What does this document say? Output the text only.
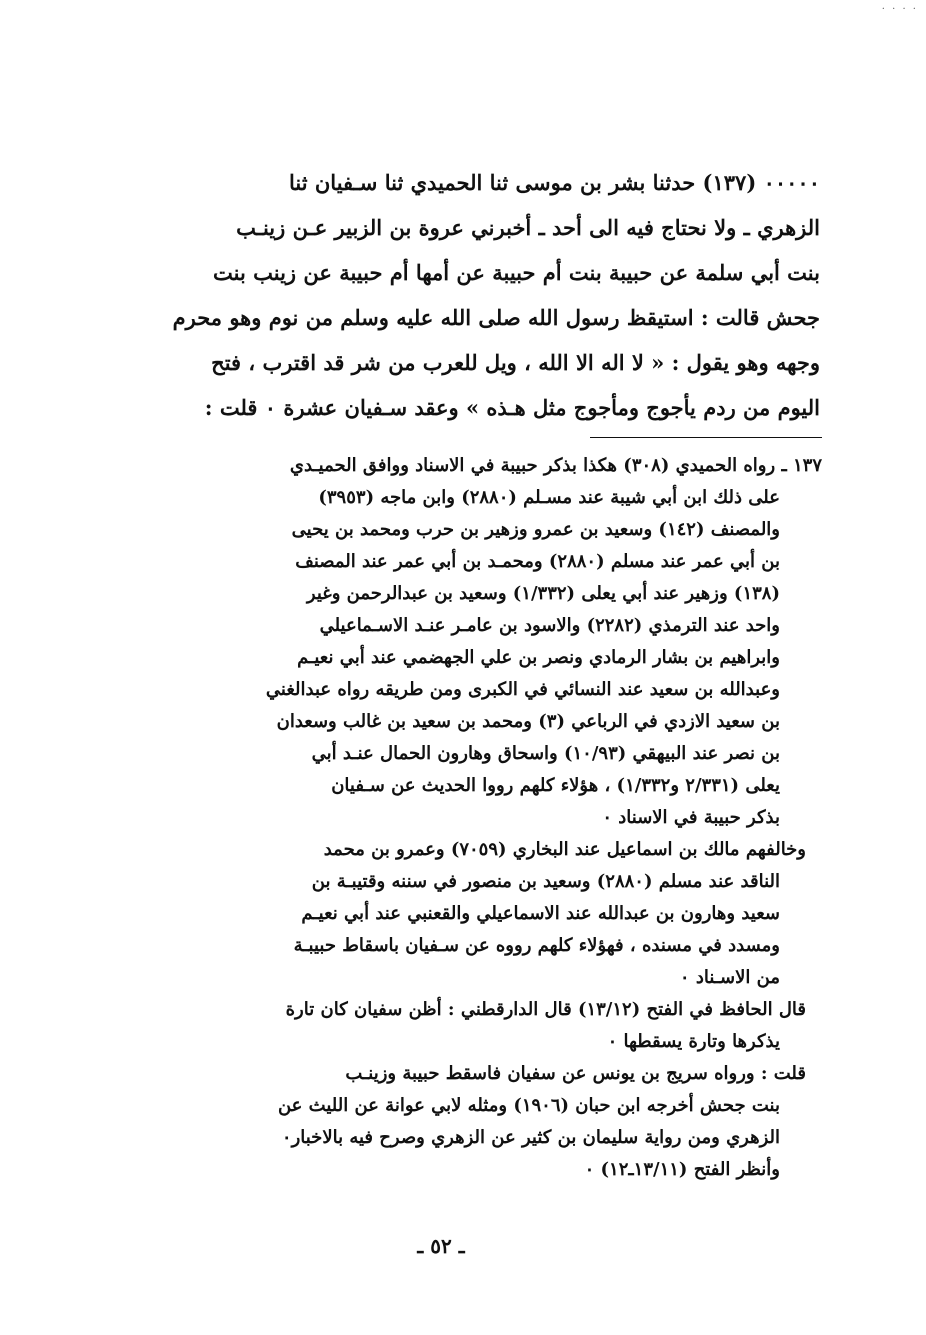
· · · ·
٠٠٠٠٠ (١٣٧) حدثنا بشر بن موسى ثنا الحميدي ثنا سـفيان ثنا
الزهري ـ ولا نحتاج فيه الى أحد ـ أخبرني عروة بن الزبير عـن زينـب
بنت أبي سلمة عن حبيبة بنت أم حبيبة عن أمها أم حبيبة عن زينب بنت
جحش قالت : استيقظ رسول الله صلى الله عليه وسلم من نوم وهو محرم
وجهه وهو يقول : « لا اله الا الله ، ويل للعرب من شر قد اقترب ، فتح
اليوم من ردم يأجوج ومأجوج مثل هـذه » وعقد سـفيان عشرة ٠ قلت :
١٣٧ ـ رواه الحميدي (٣٠٨) هكذا بذكر حبيبة في الاسناد ووافق الحميـدي
على ذلك ابن أبي شيبة عند مسـلم (٢٨٨٠) وابن ماجه (٣٩٥٣)
والمصنف (١٤٢) وسعيد بن عمرو وزهير بن حرب ومحمد بن يحيى
بن أبي عمر عند مسلم (٢٨٨٠) ومحمـد بن أبي عمر عند المصنف
(١٣٨) وزهير عند أبي يعلى (١/٣٣٢) وسعيد بن عبدالرحمن وغير
واحد عند الترمذي (٢٢٨٢) والاسود بن عامـر عنـد الاسـماعيلي
وابراهيم بن بشار الرمادي ونصر بن علي الجهضمي عند أبي نعيـم
وعبدالله بن سعيد عند النسائي في الكبرى ومن طريقه رواه عبدالغني
بن سعيد الازدي في الرباعي (٣) ومحمد بن سعيد بن غالب وسعدان
بن نصر عند البيهقي (١٠/٩٣) واسحاق وهارون الحمال عنـد أبي
يعلى (٢/٣٣١ و١/٣٣٢) ، هؤلاء كلهم رووا الحديث عن سـفيان
بذكر حبيبة في الاسناد ٠
وخالفهم مالك بن اسماعيل عند البخاري (٧٠٥٩) وعمرو بن محمد
الناقد عند مسلم (٢٨٨٠) وسعيد بن منصور في سننه وقتيبـة بن
سعيد وهارون بن عبدالله عند الاسماعيلي والقعنبي عند أبي نعيـم
ومسدد في مسنده ، فهؤلاء كلهم رووه عن سـفيان باسقاط حبيبـة
من الاسـناد ٠
قال الحافظ في الفتح (١٣/١٢) قال الدارقطني : أظن سفيان كان تارة
يذكرها وتارة يسقطها ٠
قلت : ورواه سريج بن يونس عن سفيان فاسقط حبيبة وزينـب
بنت جحش أخرجه ابن حبان (١٩٠٦) ومثله لابي عوانة عن الليث عن
الزهري ومن رواية سليمان بن كثير عن الزهري وصرح فيه بالاخبار٠
وأنظر الفتح (١٣/١١ـ١٢) ٠
ـ ٥٢ ـ
